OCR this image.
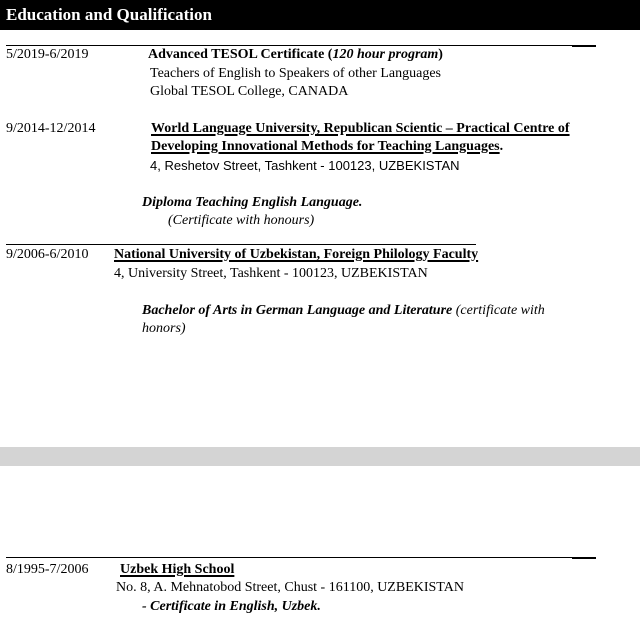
Education and Qualification
5/2019-6/2019	Advanced TESOL Certificate (120 hour program)
Teachers of English to Speakers of other Languages
Global TESOL College, CANADA
9/2014-12/2014	World Language University, Republican Scientic – Practical Centre of
Developing Innovational Methods for Teaching Languages.
4, Reshetov Street, Tashkent - 100123, UZBEKISTAN
Diploma Teaching English Language.
(Certificate with honours)
9/2006-6/2010 National University of Uzbekistan, Foreign Philology Faculty
4, University Street, Tashkent - 100123, UZBEKISTAN
Bachelor of Arts in German Language and Literature (certificate with
honors)
8/1995-7/2006 Uzbek High School
No. 8, A. Mehnatobod Street, Chust - 161100, UZBEKISTAN
- Certificate in English, Uzbek.
